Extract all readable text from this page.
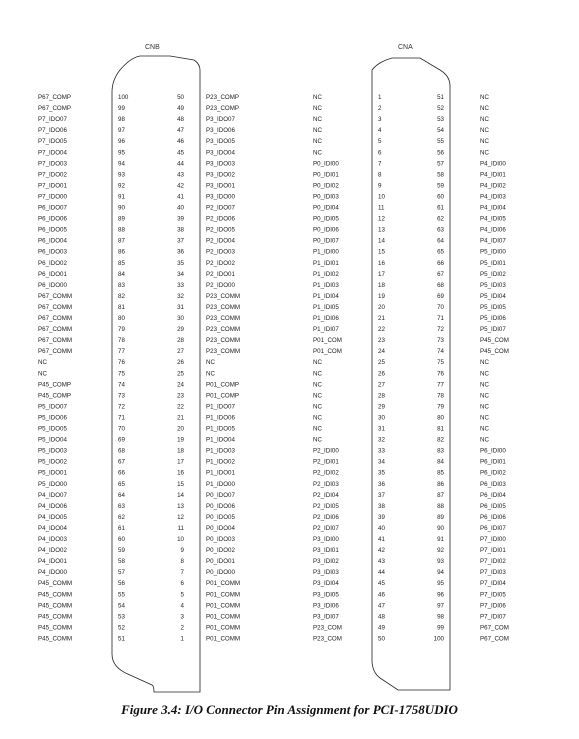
P67_COMP	100	50	P23_COMP
P67_COMP	99	49	P23_COMP
P7_IDO07	98	48	P3_IDO07
P7_IDO06	97	47	P3_IDO06
P7_IDO05	96	46	P3_IDO05
P7_IDO04	95	45	P3_IDO04
P7_IDO03	94	44	P3_IDO03
P7_IDO02	93	43	P3_IDO02
P7_IDO01	92	42	P3_IDO01
P7_IDO00	91	41	P3_IDO00
P6_IDO07	90	40	P2_IDO07
P6_IDO06	89	39	P2_IDO06
P6_IDO05	88	38	P2_IDO05
P6_IDO04	87	37	P2_IDO04
P6_IDO03	86	36	P2_IDO03
P6_IDO02	85	35	P2_IDO02
P6_IDO01	84	34	P2_IDO01
P6_IDO00	83	33	P2_IDO00
P67_COMM	82	32	P23_COMM
P67_COMM	81	31	P23_COMM
P67_COMM	80	30	P23_COMM
P67_COMM	79	29	P23_COMM
P67_COMM	78	28	P23_COMM
P67_COMM	77	27	P23_COMM
NC	76	26	NC
NC	75	25	NC
P45_COMP	74	24	P01_COMP
P45_COMP	73	23	P01_COMP
P5_IDO07	72	22	P1_IDO07
P5_IDO06	71	21	P1_IDO06
P5_IDO05	70	20	P1_IDO05
P5_IDO04	69	19	P1_IDO04
P5_IDO03	68	18	P1_IDO03
P5_IDO02	67	17	P1_IDO02
P5_IDO01	66	16	P1_IDO01
P5_IDO00	65	15	P1_IDO00
P4_IDO07	64	14	P0_IDO07
P4_IDO06	63	13	P0_IDO06
P4_IDO05	62	12	P0_IDO05
P4_IDO04	61	11	P0_IDO04
P4_IDO03	60	10	P0_IDO03
P4_IDO02	59	9	P0_IDO02
P4_IDO01	58	8	P0_IDO01
P4_IDO00	57	7	P0_IDO00
P45_COMM	56	6	P01_COMM
P45_COMM	55	5	P01_COMM
P45_COMM	54	4	P01_COMM
P45_COMM	53	3	P01_COMM
P45_COMM	52	2	P01_COMM
P45_COMM	51	1	P01_COMM
NC	1	51	NC
NC	2	52	NC
NC	3	53	NC
NC	4	54	NC
NC	5	55	NC
NC	6	56	NC
P0_IDI00	7	57	P4_IDI00
P0_IDI01	8	58	P4_IDI01
P0_IDI02	9	59	P4_IDI02
P0_IDI03	10	60	P4_IDI03
P0_IDI04	11	61	P4_IDI04
P0_IDI05	12	62	P4_IDI05
P0_IDI06	13	63	P4_IDI06
P0_IDI07	14	64	P4_IDI07
P1_IDI00	15	65	P5_IDI00
P1_IDI01	16	66	P5_IDI01
P1_IDI02	17	67	P5_IDI02
P1_IDI03	18	68	P5_IDI03
P1_IDI04	19	69	P5_IDI04
P1_IDI05	20	70	P5_IDI05
P1_IDI06	21	71	P5_IDI06
P1_IDI07	22	72	P5_IDI07
P01_COM	23	73	P45_COM
P01_COM	24	74	P45_COM
NC	25	75	NC
NC	26	76	NC
NC	27	77	NC
NC	28	78	NC
NC	29	79	NC
NC	30	80	NC
NC	31	81	NC
NC	32	82	NC
P2_IDI00	33	83	P6_IDI00
P2_IDI01	34	84	P6_IDI01
P2_IDI02	35	85	P6_IDI02
P2_IDI03	36	86	P6_IDI03
P2_IDI04	37	87	P6_IDI04
P2_IDI05	38	88	P6_IDI05
P2_IDI06	39	89	P6_IDI06
P2_IDI07	40	90	P6_IDI07
P3_IDI00	41	91	P7_IDI00
P3_IDI01	42	92	P7_IDI01
P3_IDI02	43	93	P7_IDI02
P3_IDI03	44	94	P7_IDI03
P3_IDI04	45	95	P7_IDI04
P3_IDI05	46	96	P7_IDI05
P3_IDI06	47	97	P7_IDI06
P3_IDI07	48	98	P7_IDI07
P23_COM	49	99	P67_COM
P23_COM	50	100	P67_COM
CNB	CNA
Figure 3.4: I/O Connector Pin Assignment for PCI-1758UDIO
